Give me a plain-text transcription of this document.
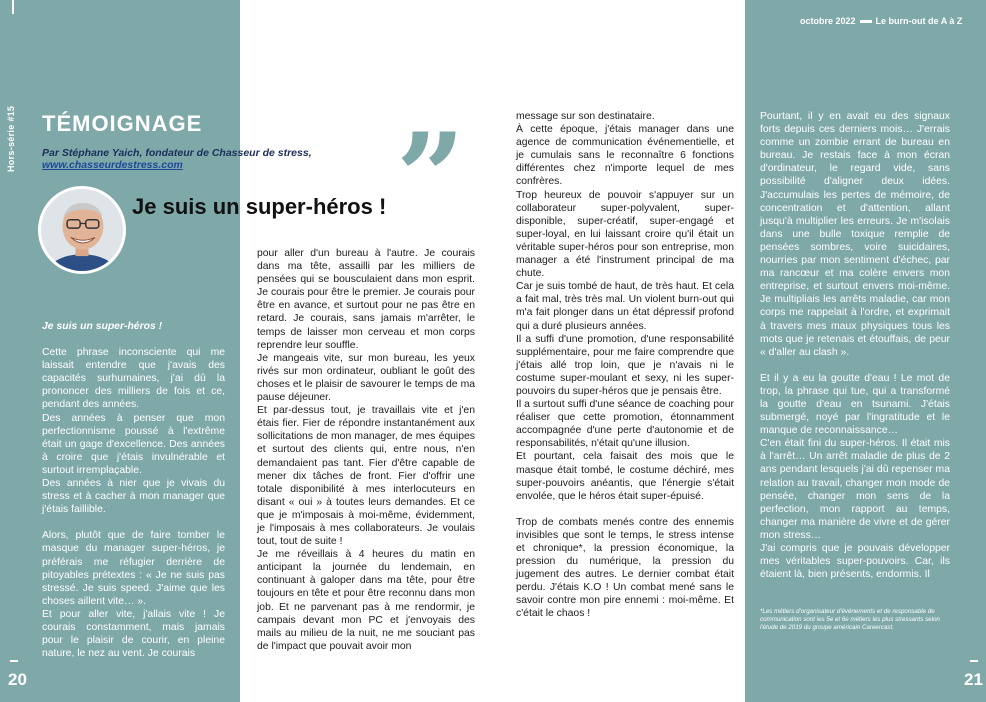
Hors-série #15 TÉMOIGNAGE
Par Stéphane Yaich, fondateur de Chasseur de stress,
www.chasseurdestress.com	”
Je suis un super-héros !

Je suis un super-héros !

Cette phrase inconsciente qui me laissait entendre que j'avais des capacités surhumaines, j'ai dû la prononcer des milliers de fois et ce, pendant des années.

Des années à penser que mon perfectionnisme poussé à l'extrême était un gage d'excellence. Des années à croire que j'étais invulnérable et surtout irremplaçable.

Des années à nier que je vivais du stress et à cacher à mon manager que j'étais faillible.

Alors, plutôt que de faire tomber le masque du manager super-héros, je préférais me réfugier derrière de pitoyables prétextes : « Je ne suis pas stressé. Je suis speed. J'aime que les choses aillent vite… ».

Et pour aller vite, j'allais vite ! Je courais constamment, mais jamais pour le plaisir de courir, en pleine nature, le nez au vent. Je courais

pour aller d'un bureau à l'autre. Je courais dans ma tête, assailli par les milliers de pensées qui se bousculaient dans mon esprit. Je courais pour être le premier. Je courais pour être en avance, et surtout pour ne pas être en retard. Je courais, sans jamais m'arrêter, le temps de laisser mon cerveau et mon corps reprendre leur souffle.

Je mangeais vite, sur mon bureau, les yeux rivés sur mon ordinateur, oubliant le goût des choses et le plaisir de savourer le temps de ma pause déjeuner.

Et par-dessus tout, je travaillais vite et j'en étais fier. Fier de répondre instantanément aux sollicitations de mon manager, de mes équipes et surtout des clients qui, entre nous, n'en demandaient pas tant. Fier d'être capable de mener dix tâches de front. Fier d'offrir une totale disponibilité à mes interlocuteurs en disant « oui » à toutes leurs demandes. Et ce que je m'imposais à moi-même, évidemment, je l'imposais à mes collaborateurs. Je voulais tout, tout de suite !

Je me réveillais à 4 heures du matin en anticipant la journée du lendemain, en continuant à galoper dans ma tête, pour être toujours en tête et pour être reconnu dans mon job. Et ne parvenant pas à me rendormir, je campais devant mon PC et j'envoyais des mails au milieu de la nuit, ne me souciant pas de l'impact que pouvait avoir mon

message sur son destinataire.

À cette époque, j'étais manager dans une agence de communication événementielle, et je cumulais sans le reconnaître 6 fonctions différentes chez n'importe lequel de mes confrères.

Trop heureux de pouvoir s'appuyer sur un collaborateur super-polyvalent, super-disponible, super-créatif, super-engagé et super-loyal, en lui laissant croire qu'il était un véritable super-héros pour son entreprise, mon manager a été l'instrument principal de ma chute.

Car je suis tombé de haut, de très haut. Et cela a fait mal, très très mal. Un violent burn-out qui m'a fait plonger dans un état dépressif profond qui a duré plusieurs années.

Il a suffi d'une promotion, d'une responsabilité supplémentaire, pour me faire comprendre que j'étais allé trop loin, que je n'avais ni le costume super-moulant et sexy, ni les super-pouvoirs du super-héros que je pensais être.

Il a surtout suffi d'une séance de coaching pour réaliser que cette promotion, étonnamment accompagnée d'une perte d'autonomie et de responsabilités, n'était qu'une illusion.

Et pourtant, cela faisait des mois que le masque était tombé, le costume déchiré, mes super-pouvoirs anéantis, que l'énergie s'était envolée, que le héros était super-épuisé.

Trop de combats menés contre des ennemis invisibles que sont le temps, le stress intense et chronique*, la pression économique, la pression du numérique, la pression du jugement des autres. Le dernier combat était perdu. J'étais K.O ! Un combat mené sans le savoir contre mon pire ennemi : moi-même. Et c'était le chaos !

Pourtant, il y en avait eu des signaux forts depuis ces derniers mois… J'errais comme un zombie errant de bureau en bureau. Je restais face à mon écran d'ordinateur, le regard vide, sans possibilité d'aligner deux idées. J'accumulais les pertes de mémoire, de concentration et d'attention, allant jusqu'à multiplier les erreurs. Je m'isolais dans une bulle toxique remplie de pensées sombres, voire suicidaires, nourries par mon sentiment d'échec, par ma rancœur et ma colère envers mon entreprise, et surtout envers moi-même. Je multipliais les arrêts maladie, car mon corps me rappelait à l'ordre, et exprimait à travers mes maux physiques tous les mots que je retenais et étouffais, de peur « d'aller au clash ».

Et il y a eu la goutte d'eau ! Le mot de trop, la phrase qui tue, qui a transformé la goutte d'eau en tsunami. J'étais submergé, noyé par l'ingratitude et le manque de reconnaissance…

C'en était fini du super-héros. Il était mis à l'arrêt… Un arrêt maladie de plus de 2 ans pendant lesquels j'ai dû repenser ma relation au travail, changer mon mode de pensée, changer mon sens de la perfection, mon rapport au temps, changer ma manière de vivre et de gérer mon stress…

J'ai compris que je pouvais développer mes véritables super-pouvoirs. Car, ils étaient là, bien présents, endormis. Il

*Les métiers d'organisateur d'événements et de responsable de communication sont les 5e et 6e métiers les plus stressants selon l'étude de 2019 du groupe américain Careercast.
octobre 2022 Le burn-out de A à Z
20	21
